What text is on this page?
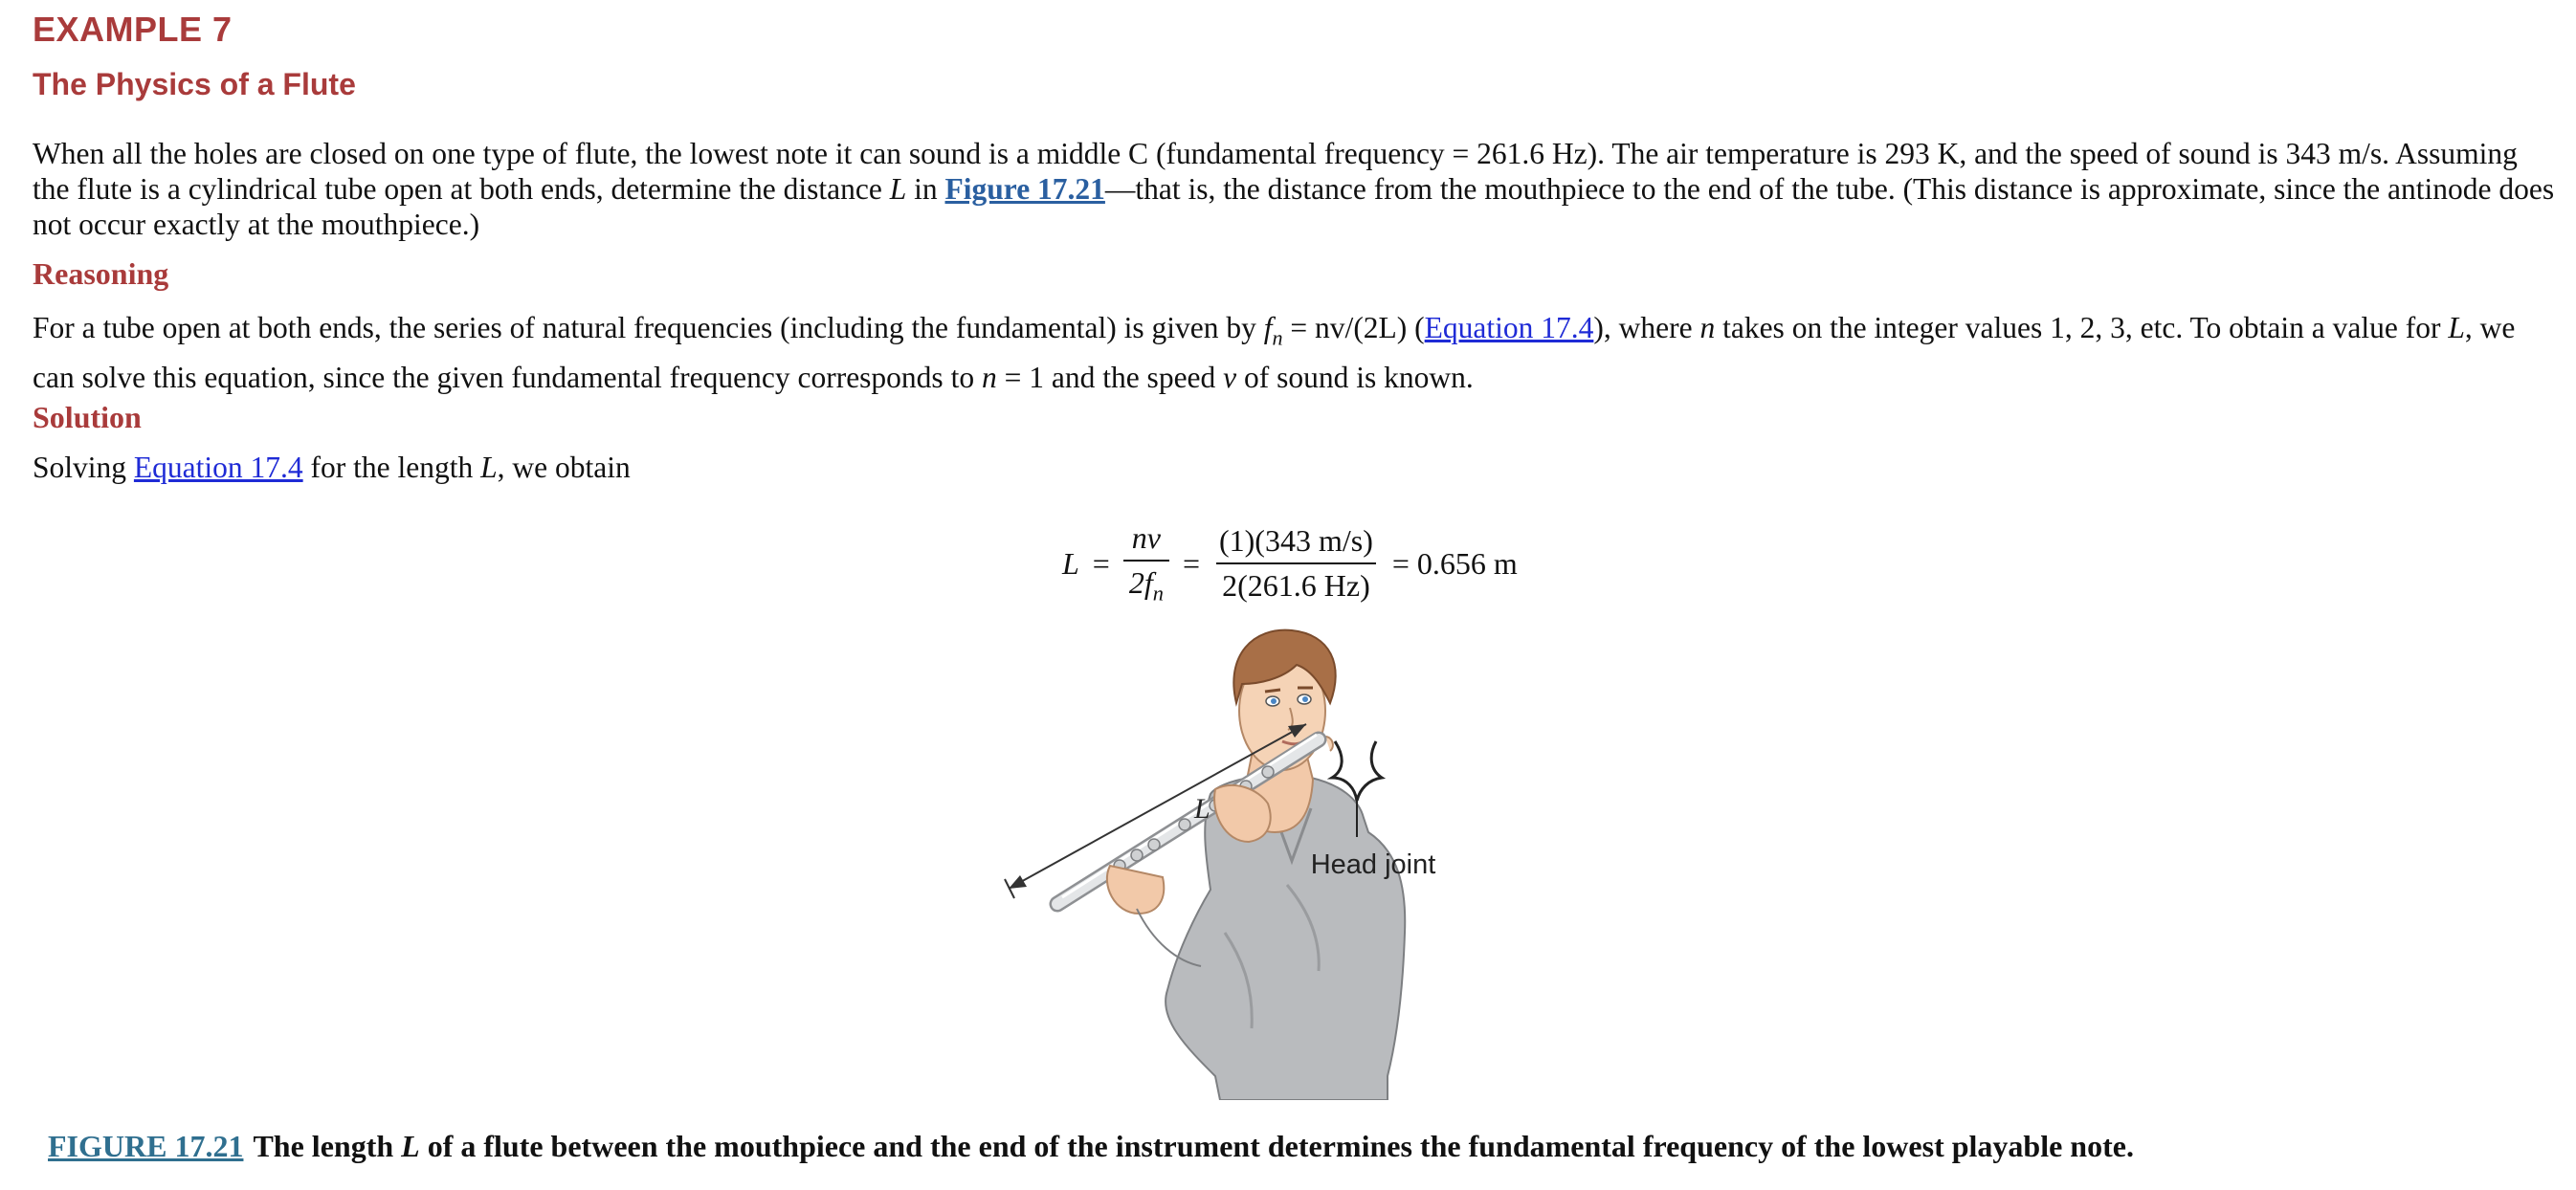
EXAMPLE 7
The Physics of a Flute

When all the holes are closed on one type of flute, the lowest note it can sound is a middle C (fundamental frequency = 261.6 Hz). The air temperature is 293 K, and the speed of sound is 343 m/s. Assuming the flute is a cylindrical tube open at both ends, determine the distance L in Figure 17.21—that is, the distance from the mouthpiece to the end of the tube. (This distance is approximate, since the antinode does not occur exactly at the mouthpiece.)

Reasoning

For a tube open at both ends, the series of natural frequencies (including the fundamental) is given by $f_n = nv/(2L)$ (Equation 17.4), where n takes on the integer values 1, 2, 3, etc. To obtain a value for L, we can solve this equation, since the given fundamental frequency corresponds to n = 1 and the speed v of sound is known.

Solution

Solving Equation 17.4 for the length L, we obtain

$L = \frac{nv}{2f_n} = \frac{(1)(343 m/s)}{2(261.6 Hz)} = 0.656$ m
L
Head joint

FIGURE 17.21 The length L of a flute between the mouthpiece and the end of the instrument determines the fundamental frequency of the lowest playable note.
